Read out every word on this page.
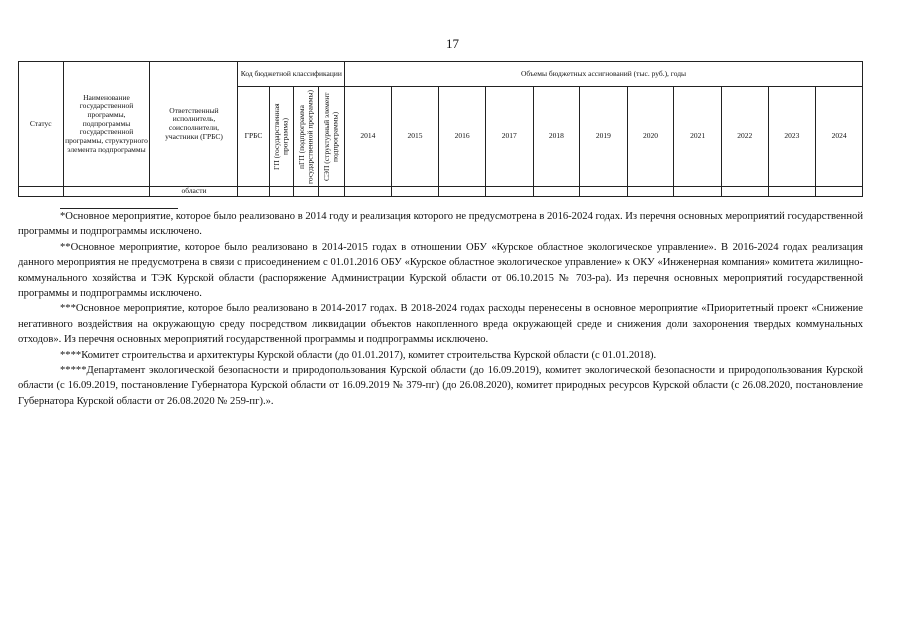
17
Статус	Наименование государственной программы, подпрограммы государственной программы, структурного элемента подпрограммы	Ответственный исполнитель, соисполнители, участники (ГРБС)	Код бюджетной классификации				Объемы бюджетных ассигнований (тыс. руб.), годы										
			ГРБС	ГП (государственная программа)	пГП (подпрограмма государственной программы)	СЭП (структурный элемент подпрограммы)	2014	2015	2016	2017	2018	2019	2020	2021	2022	2023	2024
		области															

*Основное мероприятие, которое было реализовано в 2014 году и реализация которого не предусмотрена в 2016-2024 годах. Из перечня основных мероприятий государственной программы и подпрограммы исключено.

**Основное мероприятие, которое было реализовано в 2014-2015 годах в отношении ОБУ «Курское областное экологическое управление». В 2016-2024 годах реализация данного мероприятия не предусмотрена в связи с присоединением с 01.01.2016 ОБУ «Курское областное экологическое управление» к ОКУ «Инженерная компания» комитета жилищно-коммунального хозяйства и ТЭК Курской области (распоряжение Администрации Курской области от 06.10.2015 № 703-ра). Из перечня основных мероприятий государственной программы и подпрограммы исключено.

***Основное мероприятие, которое было реализовано в 2014-2017 годах. В 2018-2024 годах расходы перенесены в основное мероприятие «Приоритетный проект «Снижение негативного воздействия на окружающую среду посредством ликвидации объектов накопленного вреда окружающей среде и снижения доли захоронения твердых коммунальных отходов». Из перечня основных мероприятий государственной программы и подпрограммы исключено.

****Комитет строительства и архитектуры Курской области (до 01.01.2017), комитет строительства Курской области (с 01.01.2018).

*****Департамент экологической безопасности и природопользования Курской области (до 16.09.2019), комитет экологической безопасности и природопользования Курской области (с 16.09.2019, постановление Губернатора Курской области от 16.09.2019 № 379-пг) (до 26.08.2020), комитет природных ресурсов Курской области (с 26.08.2020, постановление Губернатора Курской области от 26.08.2020 № 259-пг).».
